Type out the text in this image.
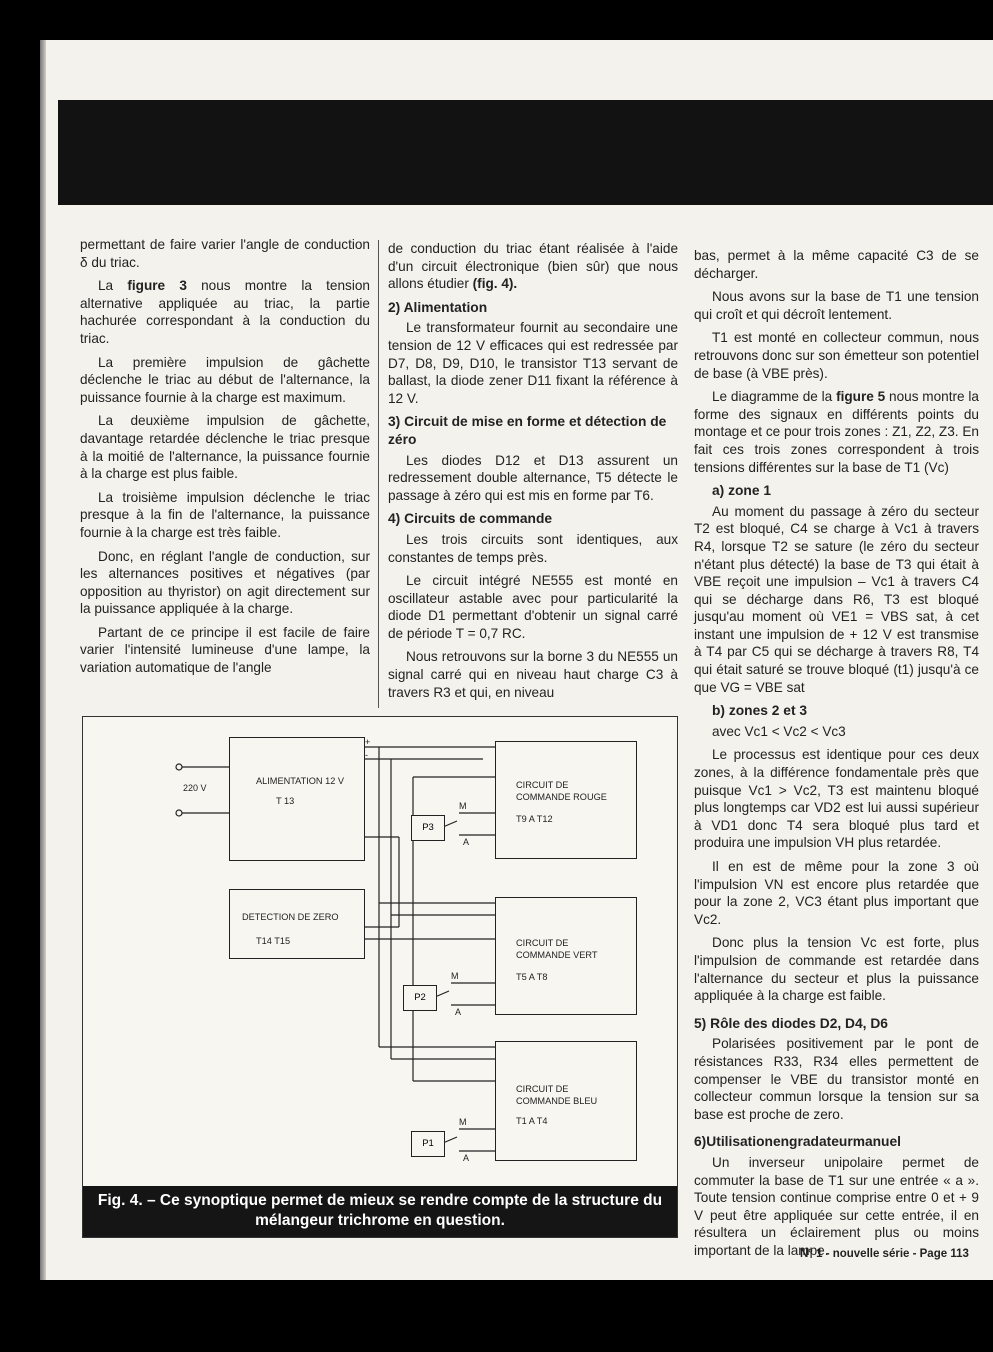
permettant de faire varier l'angle de conduction δ du triac.

La figure 3 nous montre la tension alternative appliquée au triac, la partie hachurée correspondant à la conduction du triac.

La première impulsion de gâchette déclenche le triac au début de l'alternance, la puissance fournie à la charge est maximum.

La deuxième impulsion de gâchette, davantage retardée déclenche le triac presque à la moitié de l'alternance, la puissance fournie à la charge est plus faible.

La troisième impulsion déclenche le triac presque à la fin de l'alternance, la puissance fournie à la charge est très faible.

Donc, en réglant l'angle de conduction, sur les alternances positives et négatives (par opposition au thyristor) on agit directement sur la puissance appliquée à la charge.

Partant de ce principe il est facile de faire varier l'intensité lumineuse d'une lampe, la variation automatique de l'angle

de conduction du triac étant réalisée à l'aide d'un circuit électronique (bien sûr) que nous allons étudier (fig. 4).

2) Alimentation

Le transformateur fournit au secondaire une tension de 12 V efficaces qui est redressée par D7, D8, D9, D10, le transistor T13 servant de ballast, la diode zener D11 fixant la référence à 12 V.

3) Circuit de mise en forme et détection de zéro

Les diodes D12 et D13 assurent un redressement double alternance, T5 détecte le passage à zéro qui est mis en forme par T6.

4) Circuits de commande

Les trois circuits sont identiques, aux constantes de temps près.

Le circuit intégré NE555 est monté en oscillateur astable avec pour particularité la diode D1 permettant d'obtenir un signal carré de période T = 0,7 RC.

Nous retrouvons sur la borne 3 du NE555 un signal carré qui en niveau haut charge C3 à travers R3 et qui, en niveau

bas, permet à la même capacité C3 de se décharger.

Nous avons sur la base de T1 une tension qui croît et qui décroît lentement.

T1 est monté en collecteur commun, nous retrouvons donc sur son émetteur son potentiel de base (à VBE près).

Le diagramme de la figure 5 nous montre la forme des signaux en différents points du montage et ce pour trois zones : Z1, Z2, Z3. En fait ces trois zones correspondent à trois tensions différentes sur la base de T1 (Vc)

a) zone 1

Au moment du passage à zéro du secteur T2 est bloqué, C4 se charge à Vc1 à travers R4, lorsque T2 se sature (le zéro du secteur n'étant plus détecté) la base de T3 qui était à VBE reçoit une impulsion – Vc1 à travers C4 qui se décharge dans R6, T3 est bloqué jusqu'au moment où VE1 = VBS sat, à cet instant une impulsion de + 12 V est transmise à T4 par C5 qui se décharge à travers R8, T4 qui était saturé se trouve bloqué (t1) jusqu'à ce que VG = VBE sat

b) zones 2 et 3

avec Vc1 < Vc2 < Vc3

Le processus est identique pour ces deux zones, à la différence fondamentale près que puisque Vc1 > Vc2, T3 est maintenu bloqué plus longtemps car VD2 est lui aussi supérieur à VD1 donc T4 sera bloqué plus tard et produira une impulsion VH plus retardée.

Il en est de même pour la zone 3 où l'impulsion VN est encore plus retardée que pour la zone 2, VC3 étant plus important que Vc2.

Donc plus la tension Vc est forte, plus l'impulsion de commande est retardée dans l'alternance du secteur et plus la puissance appliquée à la charge est faible.

5) Rôle des diodes D2, D4, D6

Polarisées positivement par le pont de résistances R33, R34 elles permettent de compenser le VBE du transistor monté en collecteur commun lorsque la tension sur sa base est proche de zero.

6)Utilisationengradateurmanuel

Un inverseur unipolaire permet de commuter la base de T1 sur une entrée « a ». Toute tension continue comprise entre 0 et + 9 V peut être appliquée sur cette entrée, il en résultera un éclairement plus ou moins important de la lampe.

220 V
+
-
ALIMENTATION 12 V
T 13
DETECTION DE ZERO
T14 T15
CIRCUIT DE
COMMANDE ROUGE
T9 A T12
CIRCUIT DE
COMMANDE VERT
T5 A T8
CIRCUIT DE
COMMANDE BLEU
T1 A T4
P3
P2
P1
M
A
M
A
M
A
Fig. 4. – Ce synoptique permet de mieux se rendre compte de la structure du mélangeur trichrome en question.
N° 1 - nouvelle série - Page 113
